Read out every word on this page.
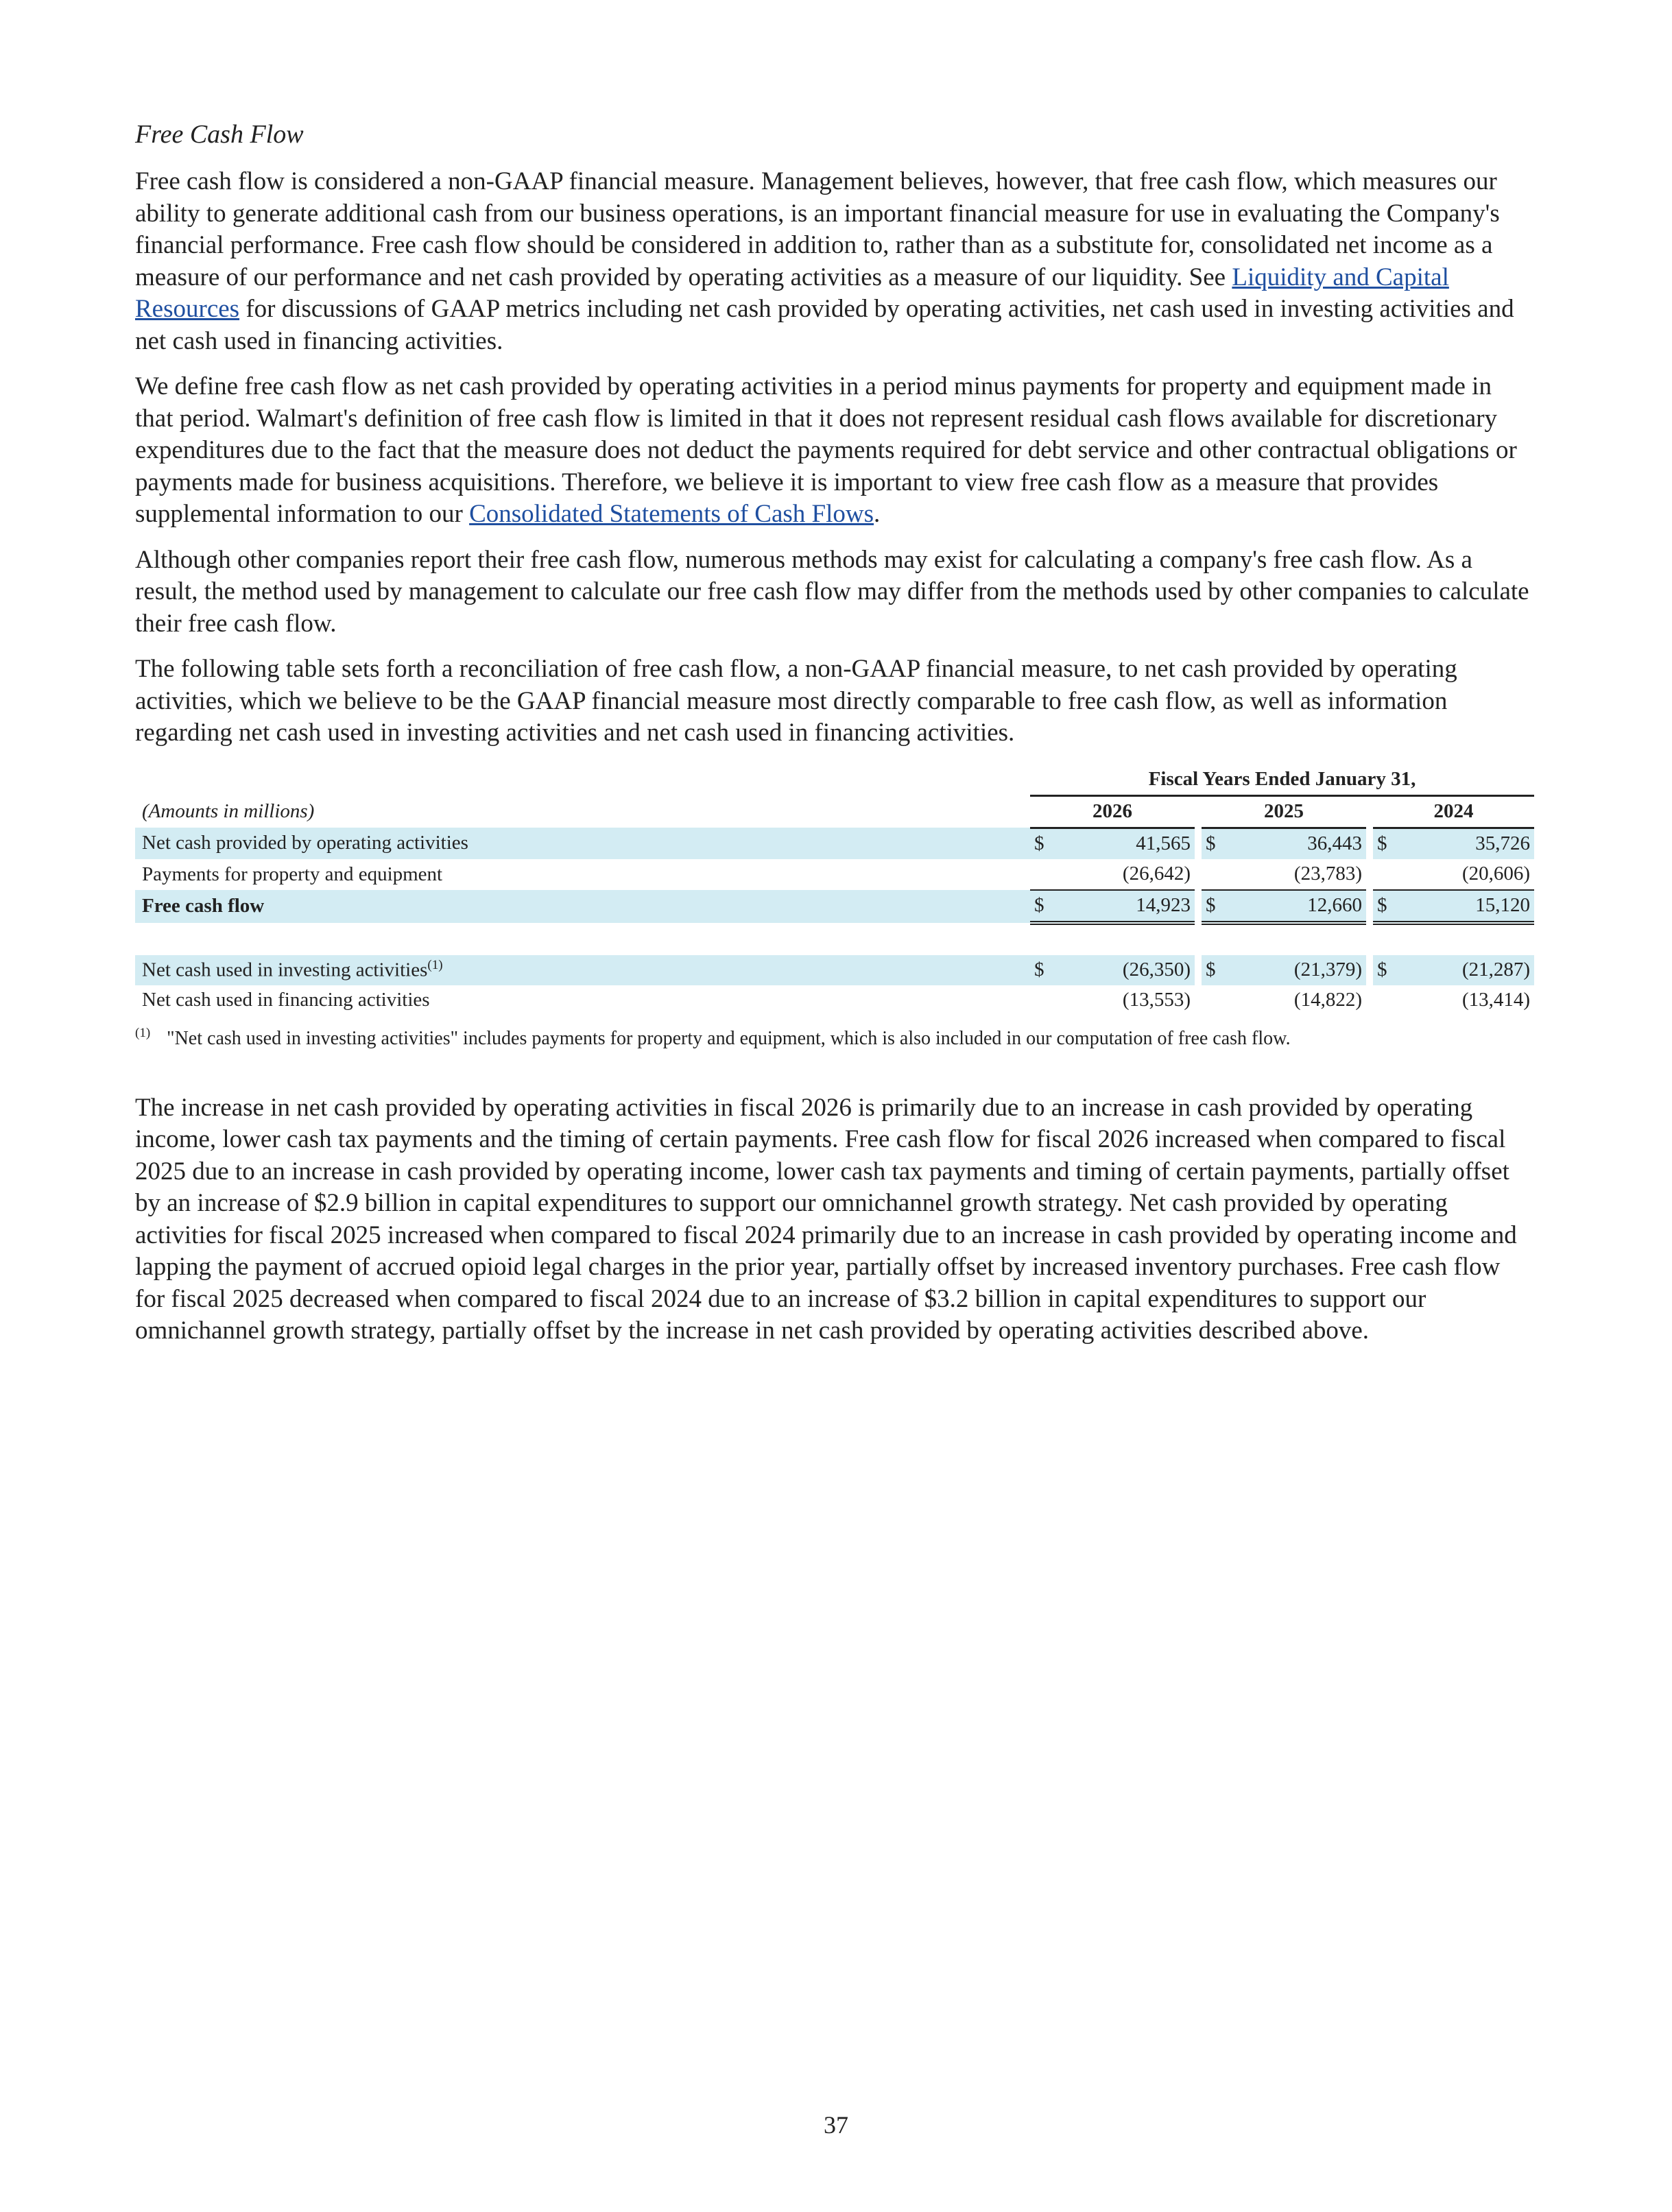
Free Cash Flow

Free cash flow is considered a non-GAAP financial measure. Management believes, however, that free cash flow, which measures our ability to generate additional cash from our business operations, is an important financial measure for use in evaluating the Company's financial performance. Free cash flow should be considered in addition to, rather than as a substitute for, consolidated net income as a measure of our performance and net cash provided by operating activities as a measure of our liquidity. See Liquidity and Capital Resources for discussions of GAAP metrics including net cash provided by operating activities, net cash used in investing activities and net cash used in financing activities.

We define free cash flow as net cash provided by operating activities in a period minus payments for property and equipment made in that period. Walmart's definition of free cash flow is limited in that it does not represent residual cash flows available for discretionary expenditures due to the fact that the measure does not deduct the payments required for debt service and other contractual obligations or payments made for business acquisitions. Therefore, we believe it is important to view free cash flow as a measure that provides supplemental information to our Consolidated Statements of Cash Flows.

Although other companies report their free cash flow, numerous methods may exist for calculating a company's free cash flow. As a result, the method used by management to calculate our free cash flow may differ from the methods used by other companies to calculate their free cash flow.

The following table sets forth a reconciliation of free cash flow, a non-GAAP financial measure, to net cash provided by operating activities, which we believe to be the GAAP financial measure most directly comparable to free cash flow, as well as information regarding net cash used in investing activities and net cash used in financing activities.

	Fiscal Years Ended January 31,							
(Amounts in millions)	2026			2025			2024	
Net cash provided by operating activities	$	41,565		$	36,443		$	35,726
Payments for property and equipment		(26,642)			(23,783)			(20,606)
Free cash flow	$	14,923		$	12,660		$	15,120

Net cash used in investing activities$^{(1)}$	$	(26,350)		$	(21,379)		$	(21,287)
Net cash used in financing activities		(13,553)			(14,822)			(13,414)
(1) "Net cash used in investing activities" includes payments for property and equipment, which is also included in our computation of free cash flow.

The increase in net cash provided by operating activities in fiscal 2026 is primarily due to an increase in cash provided by operating income, lower cash tax payments and the timing of certain payments. Free cash flow for fiscal 2026 increased when compared to fiscal 2025 due to an increase in cash provided by operating income, lower cash tax payments and timing of certain payments, partially offset by an increase of $2.9 billion in capital expenditures to support our omnichannel growth strategy. Net cash provided by operating activities for fiscal 2025 increased when compared to fiscal 2024 primarily due to an increase in cash provided by operating income and lapping the payment of accrued opioid legal charges in the prior year, partially offset by increased inventory purchases. Free cash flow for fiscal 2025 decreased when compared to fiscal 2024 due to an increase of $3.2 billion in capital expenditures to support our omnichannel growth strategy, partially offset by the increase in net cash provided by operating activities described above.

37
